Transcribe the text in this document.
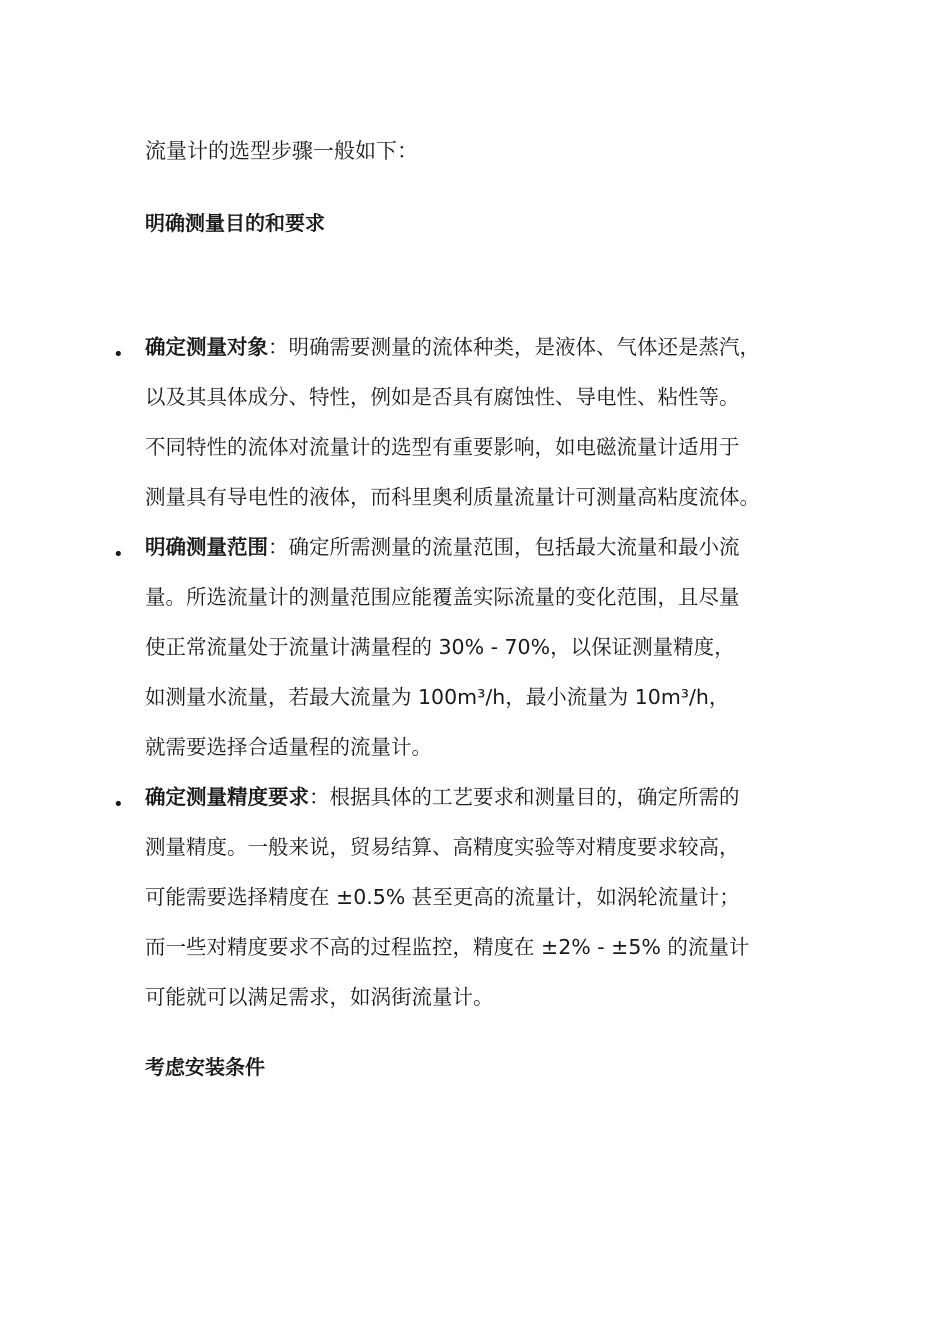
流量计的选型步骤一般如下：

明确测量目的和要求
• 确定测量对象：明确需要测量的流体种类，是液体、气体还是蒸汽，
以及其具体成分、特性，例如是否具有腐蚀性、导电性、粘性等。
不同特性的流体对流量计的选型有重要影响，如电磁流量计适用于
测量具有导电性的液体，而科里奥利质量流量计可测量高粘度流体。
• 明确测量范围：确定所需测量的流量范围，包括最大流量和最小流
量。所选流量计的测量范围应能覆盖实际流量的变化范围，且尽量
使正常流量处于流量计满量程的 30% - 70%，以保证测量精度，
如测量水流量，若最大流量为 100m³/h，最小流量为 10m³/h，
就需要选择合适量程的流量计。
• 确定测量精度要求：根据具体的工艺要求和测量目的，确定所需的
测量精度。一般来说，贸易结算、高精度实验等对精度要求较高，
可能需要选择精度在 ±0.5% 甚至更高的流量计，如涡轮流量计；
而一些对精度要求不高的过程监控，精度在 ±2% - ±5% 的流量计
可能就可以满足需求，如涡街流量计。
考虑安装条件
